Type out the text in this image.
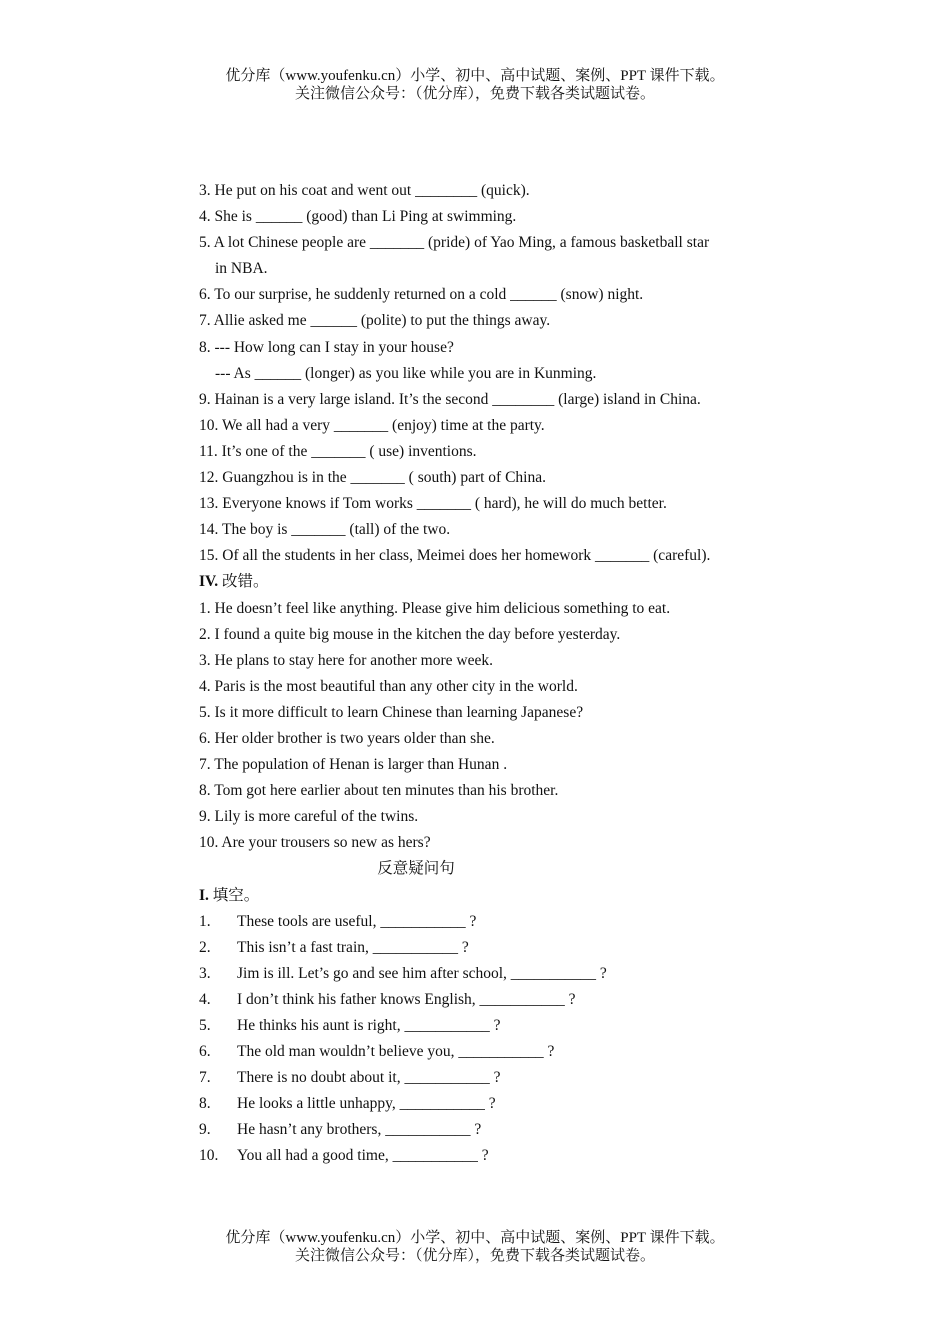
优分库（www.youfenku.cn）小学、初中、高中试题、案例、PPT 课件下载。
关注微信公众号：（优分库），免费下载各类试题试卷。
3. He put on his coat and went out ________ (quick).
4. She is ______ (good) than Li Ping at swimming.
5. A lot Chinese people are _______ (pride) of Yao Ming, a famous basketball star
in NBA.
6. To our surprise, he suddenly returned on a cold ______ (snow) night.
7. Allie asked me ______ (polite) to put the things away.
8. --- How long can I stay in your house?
--- As ______ (longer) as you like while you are in Kunming.
9. Hainan is a very large island. It’s the second ________ (large) island in China.
10. We all had a very _______ (enjoy) time at the party.
11. It’s one of the _______ ( use) inventions.
12. Guangzhou is in the _______ ( south) part of China.
13. Everyone knows if Tom works _______ ( hard), he will do much better.
14. The boy is _______ (tall) of the two.
15. Of all the students in her class, Meimei does her homework _______ (careful).
IV. 改错。
1. He doesn’t feel like anything. Please give him delicious something to eat.
2. I found a quite big mouse in the kitchen the day before yesterday.
3. He plans to stay here for another more week.
4. Paris is the most beautiful than any other city in the world.
5. Is it more difficult to learn Chinese than learning Japanese?
6. Her older brother is two years older than she.
7. The population of Henan is larger than Hunan .
8. Tom got here earlier about ten minutes than his brother.
9. Lily is more careful of the twins.
10. Are your trousers so new as hers?
反意疑问句
I. 填空。
1. These tools are useful, ___________ ?
2. This isn’t a fast train, ___________ ?
3. Jim is ill. Let’s go and see him after school, ___________ ?
4. I don’t think his father knows English, ___________ ?
5. He thinks his aunt is right, ___________ ?
6. The old man wouldn’t believe you, ___________ ?
7. There is no doubt about it, ___________ ?
8. He looks a little unhappy, ___________ ?
9. He hasn’t any brothers, ___________ ?
10. You all had a good time, ___________ ?
优分库（www.youfenku.cn）小学、初中、高中试题、案例、PPT 课件下载。
关注微信公众号：（优分库），免费下载各类试题试卷。
